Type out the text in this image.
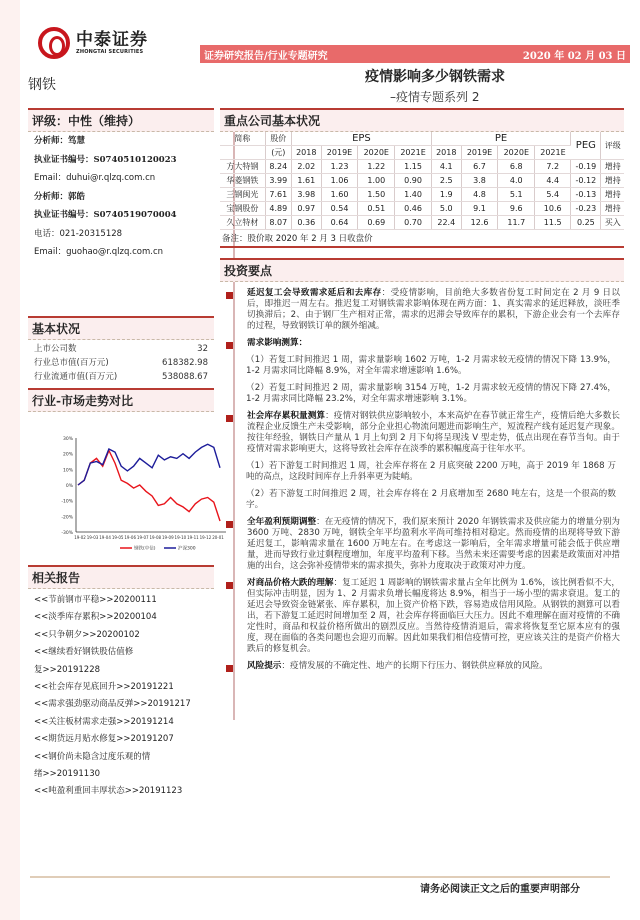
中泰证券
ZHONGTAI SECURITIES	证券研究报告/行业专题研究	2020 年 02 月 03 日
钢铁	疫情影响多少钢铁需求
–疫情专题系列 2
评级：中性（维持）
分析师：笃慧
执业证书编号：S0740510120023
Email：duhui@r.qlzq.com.cn
分析师：郭皓
执业证书编号：S0740519070004
电话：021-20315128
Email：guohao@r.qlzq.com.cn
基本状况
上市公司数	32
行业总市值(百万元)	618382.98
行业流通市值(百万元)	538088.67
行业-市场走势对比
30%
20%
10%
0%
-10%
-20%
-30%
19-02 19-03 19-04 19-05 19-06 19-07 19-08 19-09 19-10 19-11 19-12 20-01
钢铁(中信)	沪深300
相关报告
<<节前钢市平稳>>20200111
<<淡季库存累积>>20200104
<<只争朝夕>>20200102
<<继续看好钢铁股估值修
复>>20191228
<<社会库存见底回升>>20191221
<<需求强劲驱动商品反弹>>20191217
<<关注板材需求走强>>20191214
<<期货远月贴水修复>>20191207
<<钢价尚未隐含过度乐观的情
绪>>20191130
<<吨盈利重回丰厚状态>>20191123
重点公司基本状况
简称	股价	EPS				PE				PEG	评级
	(元)	2018	2019E	2020E	2021E	2018	2019E	2020E	2021E		
方大特钢	8.24	2.02	1.23	1.22	1.15	4.1	6.7	6.8	7.2	-0.19	增持
华菱钢铁	3.99	1.61	1.06	1.00	0.90	2.5	3.8	4.0	4.4	-0.12	增持
三钢闽光	7.61	3.98	1.60	1.50	1.40	1.9	4.8	5.1	5.4	-0.13	增持
宝钢股份	4.89	0.97	0.54	0.51	0.46	5.0	9.1	9.6	10.6	-0.23	增持
久立特材	8.07	0.36	0.64	0.69	0.70	22.4	12.6	11.7	11.5	0.25	买入
备注：股价取 2020 年 2 月 3 日收盘价
投资要点
延迟复工会导致需求延后和去库存：受疫情影响，目前绝大多数省份复工时间定在 2 月 9 日以后，即推迟一周左右。推迟复工对钢铁需求影响体现在两方面：1、真实需求的延迟释放，淡旺季切换滞后；2、由于钢厂生产相对正常，需求的迟滞会导致库存的累积，下游企业会有一个去库存的过程，导致钢铁订单的额外缩减。
需求影响测算：
（1）若复工时间推迟 1 周，需求量影响 1602 万吨，1-2 月需求较无疫情的情况下降 13.9%，1-2 月需求同比降幅 8.9%，对全年需求增速影响 1.6%。
（2）若复工时间推迟 2 周，需求量影响 3154 万吨，1-2 月需求较无疫情的情况下降 27.4%，1-2 月需求同比降幅 23.2%，对全年需求增速影响 3.1%。
社会库存累积量测算：疫情对钢铁供应影响较小，本来高炉在春节就正常生产，疫情后绝大多数长流程企业反馈生产未受影响，部分企业担心物流问题进而影响生产，短流程产线有延迟复产现象。按往年经验，钢铁日产量从 1 月上旬到 2 月下旬将呈现浅 V 型走势，低点出现在春节当旬。由于疫情对需求影响更大，这将导致社会库存在淡季的累积幅度高于往年水平。
（1）若下游复工时间推迟 1 周，社会库存将在 2 月底突破 2200 万吨，高于 2019 年 1868 万吨的高点，这段时间库存上升斜率更为陡峭。
（2）若下游复工时间推迟 2 周，社会库存将在 2 月底增加至 2680 吨左右，这是一个很高的数字。
全年盈利预期调整：在无疫情的情况下，我们原来预计 2020 年钢铁需求及供应能力的增量分别为 3600 万吨、2830 万吨，钢铁全年平均盈利水平尚可维持相对稳定。然而疫情的出现将导致下游延迟复工，影响需求量在 1600 万吨左右。在考虑这一影响后，全年需求增量可能会低于供应增量，进而导致行业过剩程度增加，年度平均盈利下移。当然未来还需要考虑的因素是政策面对冲措施的出台，这会弥补疫情带来的需求损失，弥补力度取决于政策对冲力度。
对商品价格大跌的理解：复工延迟 1 周影响的钢铁需求量占全年比例为 1.6%，该比例看似不大，但实际冲击明显，因为 1、2 月需求负增长幅度将达 8.9%，相当于一场小型的需求衰退。复工的延迟会导致资金链紧张、库存累积，加上资产价格下跌，容易造成信用风险。从钢铁的测算可以看出，若下游复工延迟时间增加至 2 周，社会库存将面临巨大压力。因此不难理解在面对疫情的不确定性时，商品和权益价格所做出的剧烈反应。当然待疫情消退后，需求将恢复至它原本应有的强度，现在面临的各类问题也会迎刃而解。因此如果我们相信疫情可控，更应该关注的是资产价格大跌后的修复机会。
风险提示：疫情发展的不确定性、地产的长期下行压力、钢铁供应释放的风险。
请务必阅读正文之后的重要声明部分
